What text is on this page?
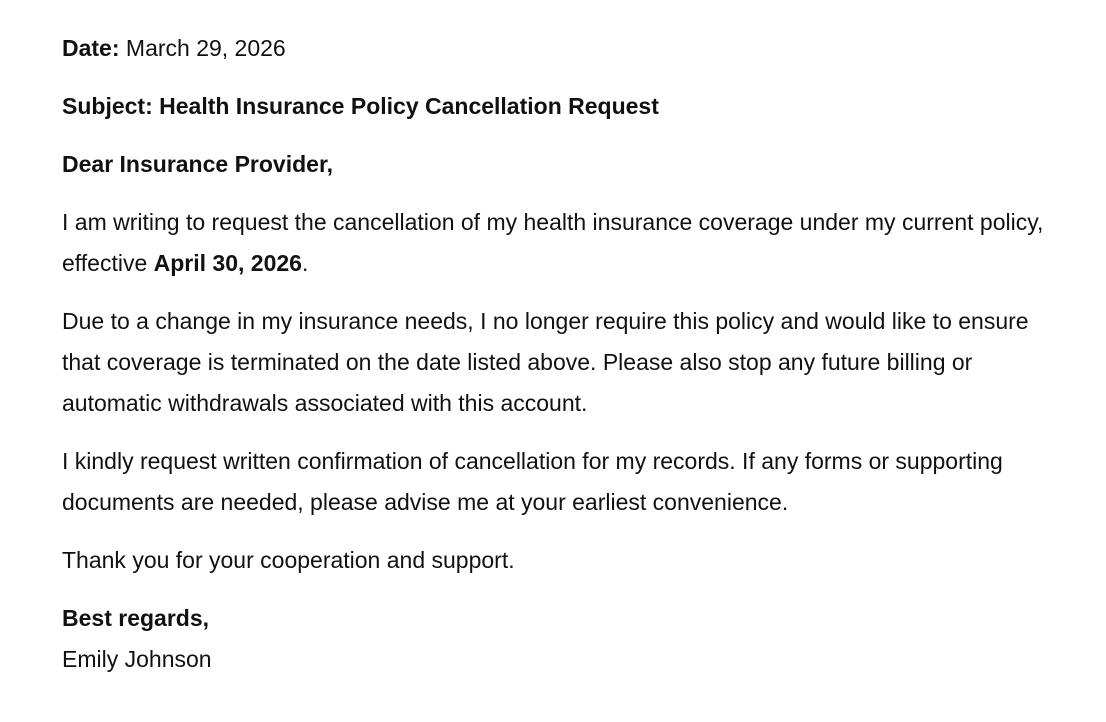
Date: March 29, 2026

Subject: Health Insurance Policy Cancellation Request

Dear Insurance Provider,

I am writing to request the cancellation of my health insurance coverage under my current policy, effective April 30, 2026.

Due to a change in my insurance needs, I no longer require this policy and would like to ensure that coverage is terminated on the date listed above. Please also stop any future billing or automatic withdrawals associated with this account.

I kindly request written confirmation of cancellation for my records. If any forms or supporting documents are needed, please advise me at your earliest convenience.

Thank you for your cooperation and support.

Best regards,

Emily Johnson
